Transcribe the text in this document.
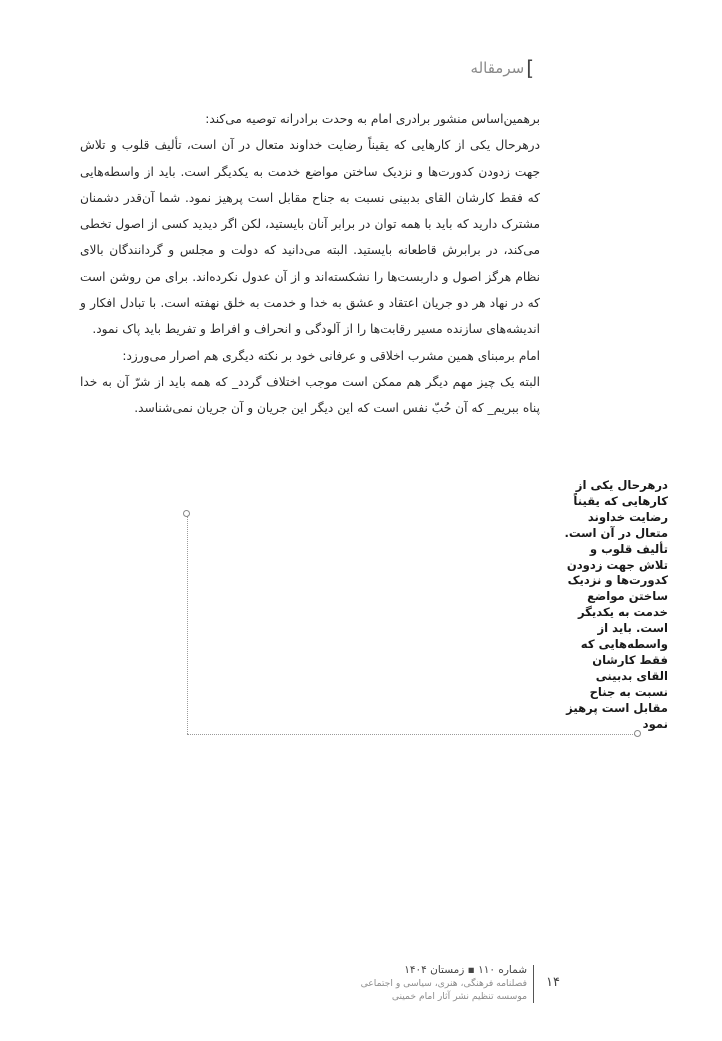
]
سرمقاله

برهمین‌اساس منشور برادری امام به وحدت برادرانه توصیه می‌کند:

درهرحال یکی از کارهایی که یقیناً رضایت خداوند متعال در آن است، تألیف قلوب و تلاش جهت زدودن کدورت‌ها و نزدیک ساختن مواضع خدمت به یکدیگر است. باید از واسطه‌هایی که فقط کارشان القای بدبینی نسبت به جناح مقابل است پرهیز نمود. شما آن‌قدر دشمنان مشترک دارید که باید با همه توان در برابر آنان بایستید، لکن اگر دیدید کسی از اصول تخطی می‌کند، در برابرش قاطعانه بایستید. البته می‌دانید که دولت و مجلس و گردانندگان بالای نظام هرگز اصول و داربست‌ها را نشکسته‌اند و از آن عدول نکرده‌اند. برای من روشن است که در نهاد هر دو جریان اعتقاد و عشق به خدا و خدمت به خلق نهفته است. با تبادل افکار و اندیشه‌های سازنده مسیر رقابت‌ها را از آلودگی و انحراف و افراط و تفریط باید پاک نمود.

امام برمبنای همین مشرب اخلاقی و عرفانی خود بر نکته دیگری هم اصرار می‌ورزد:

البته یک چیز مهم دیگر هم ممکن است موجب اختلاف گردد_ که همه باید از شرّ آن به خدا پناه ببریم_ که آن حُبّ نفس است که این دیگر این جریان و آن جریان نمی‌شناسد.

درهرحال یکی از کارهایی که یقیناً رضایت خداوند متعال در آن است. تألیف قلوب و تلاش جهت زدودن کدورت‌ها و نزدیک ساختن مواضع خدمت به یکدیگر است. باید از واسطه‌هایی که فقط کارشان القای بدبینی نسبت به جناح مقابل است پرهیز نمود
شماره ۱۱۰ ▪ زمستان ۱۴۰۴
فصلنامه فرهنگی، هنری، سیاسی و اجتماعی
موسسه تنظیم نشر آثار امام خمینی
۱۴
